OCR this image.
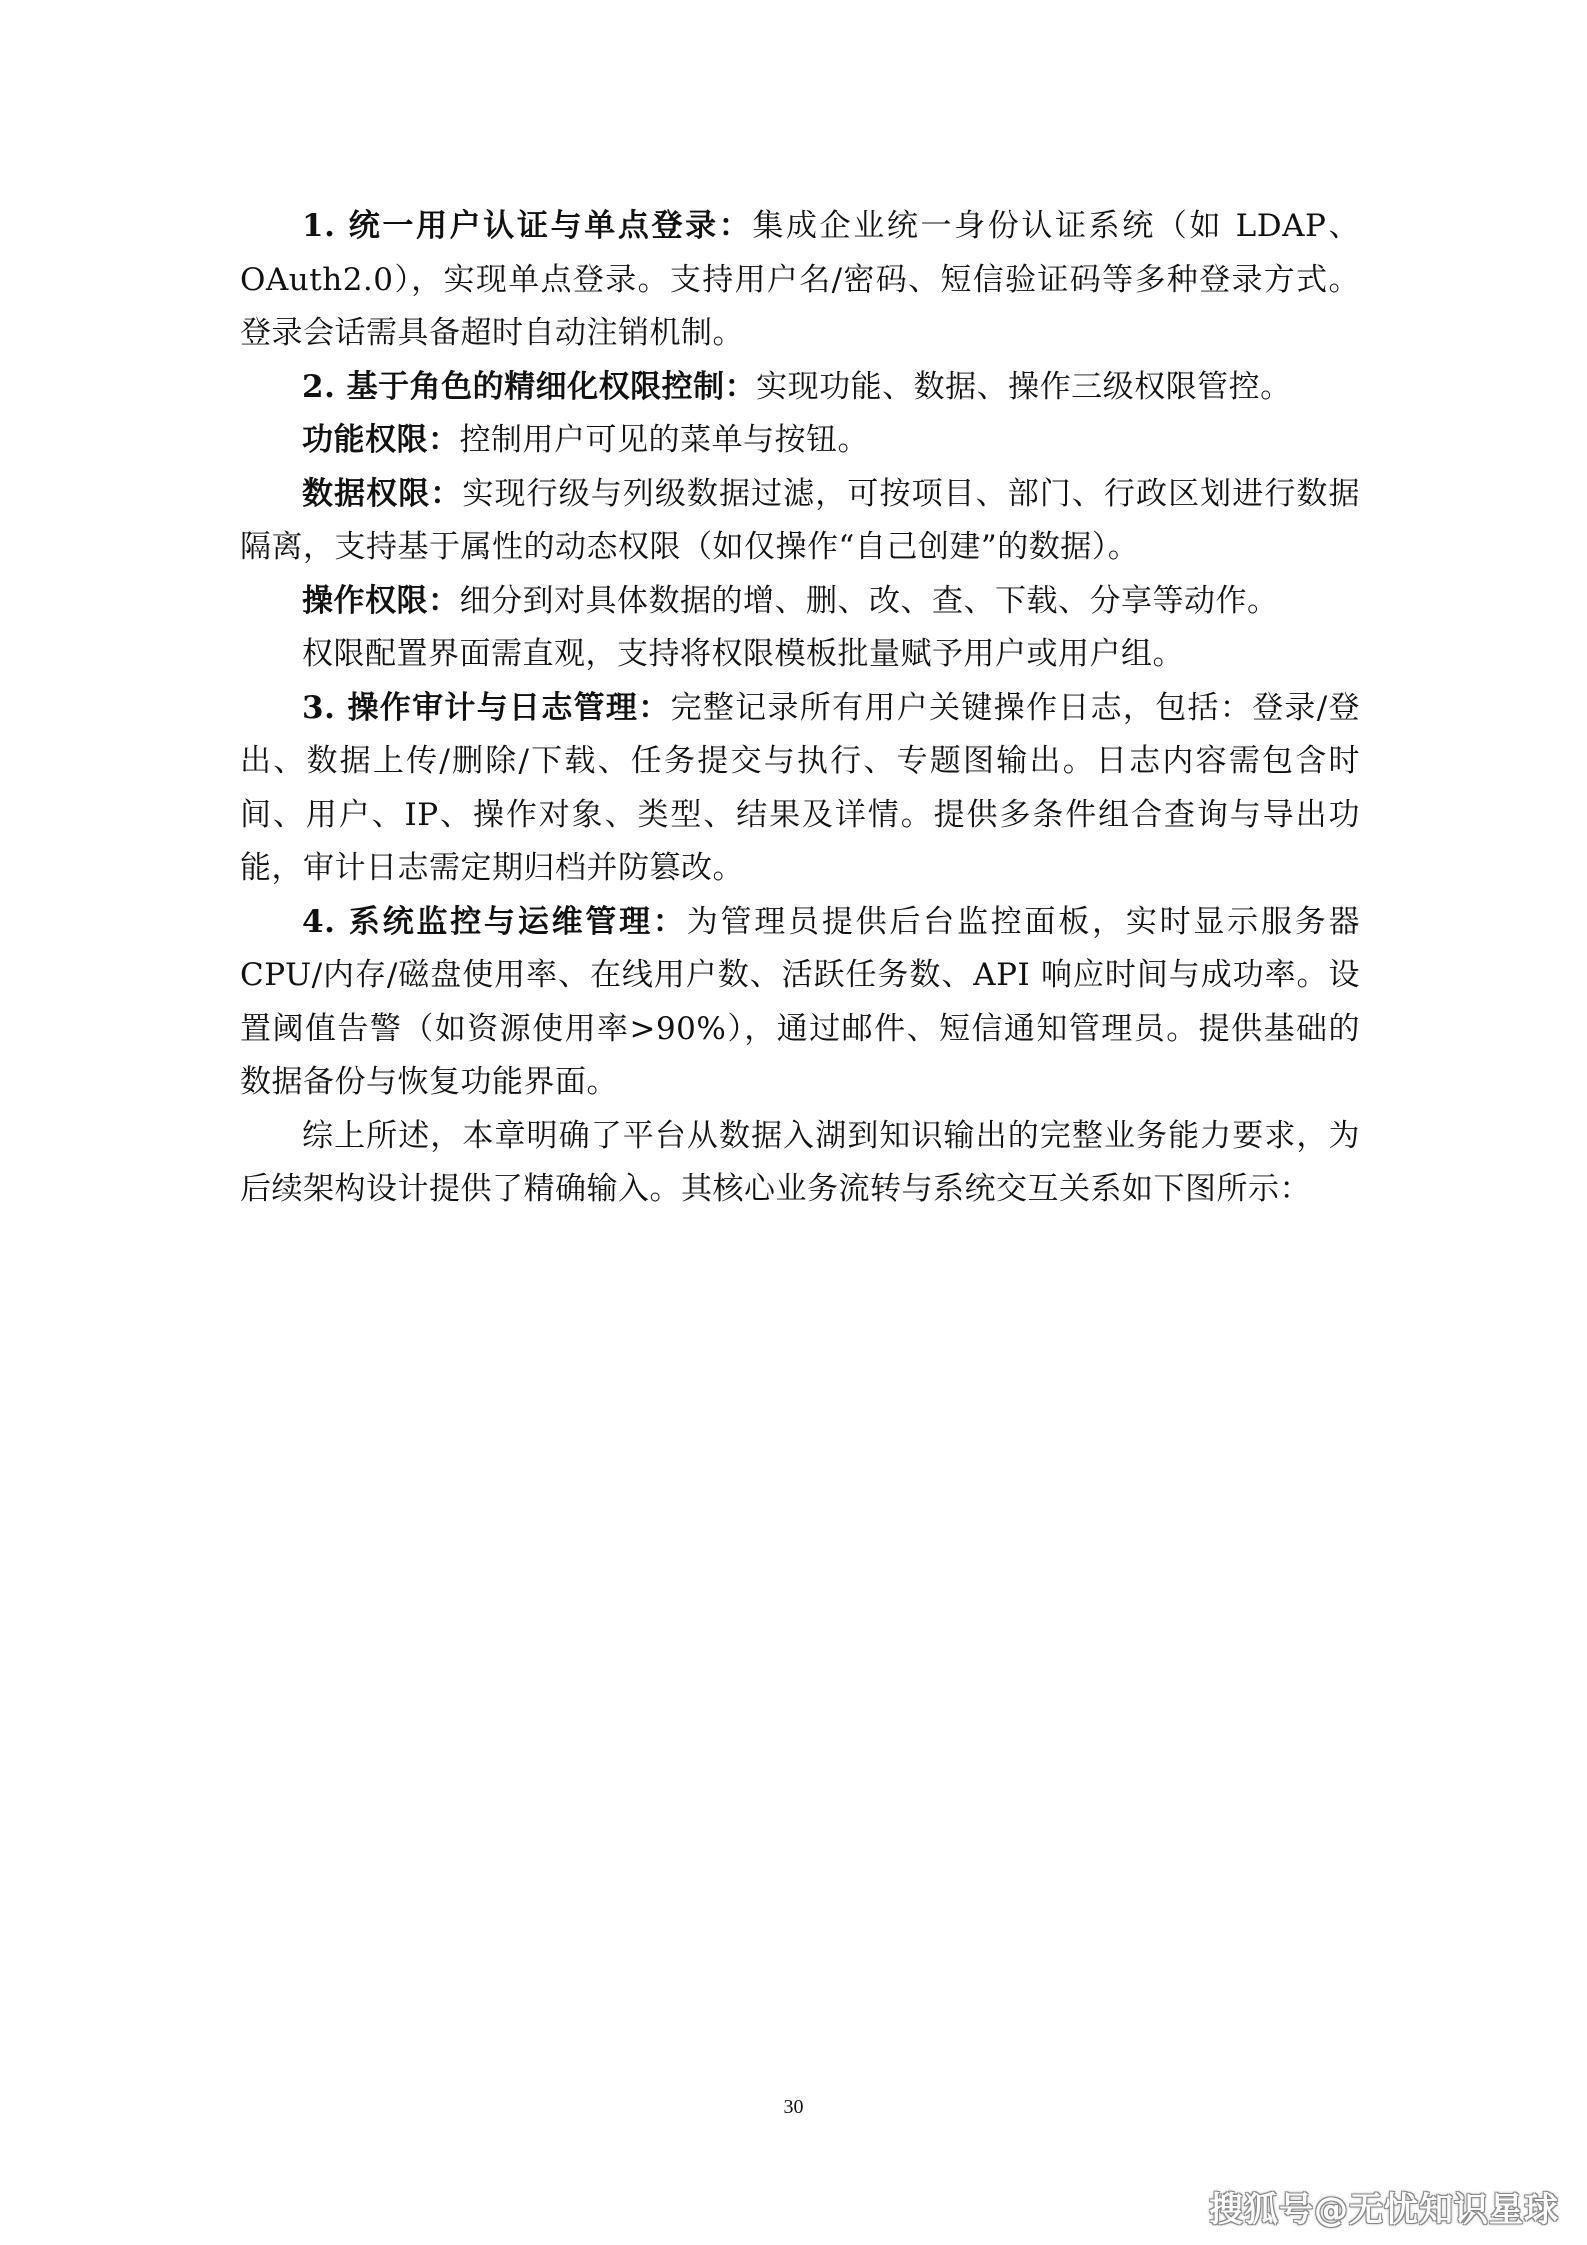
1. 统一用户认证与单点登录：集成企业统一身份认证系统（如 LDAP、OAuth2.0），实现单点登录。支持用户名/密码、短信验证码等多种登录方式。登录会话需具备超时自动注销机制。

2. 基于角色的精细化权限控制：实现功能、数据、操作三级权限管控。

功能权限：控制用户可见的菜单与按钮。

数据权限：实现行级与列级数据过滤，可按项目、部门、行政区划进行数据隔离，支持基于属性的动态权限（如仅操作“自己创建”的数据）。

操作权限：细分到对具体数据的增、删、改、查、下载、分享等动作。

权限配置界面需直观，支持将权限模板批量赋予用户或用户组。

3. 操作审计与日志管理：完整记录所有用户关键操作日志，包括：登录/登出、数据上传/删除/下载、任务提交与执行、专题图输出。日志内容需包含时间、用户、IP、操作对象、类型、结果及详情。提供多条件组合查询与导出功能，审计日志需定期归档并防篡改。

4. 系统监控与运维管理：为管理员提供后台监控面板，实时显示服务器 CPU/内存/磁盘使用率、在线用户数、活跃任务数、API 响应时间与成功率。设置阈值告警（如资源使用率>90%），通过邮件、短信通知管理员。提供基础的数据备份与恢复功能界面。

综上所述，本章明确了平台从数据入湖到知识输出的完整业务能力要求，为后续架构设计提供了精确输入。其核心业务流转与系统交互关系如下图所示：

30
搜狐号@无忧知识星球
